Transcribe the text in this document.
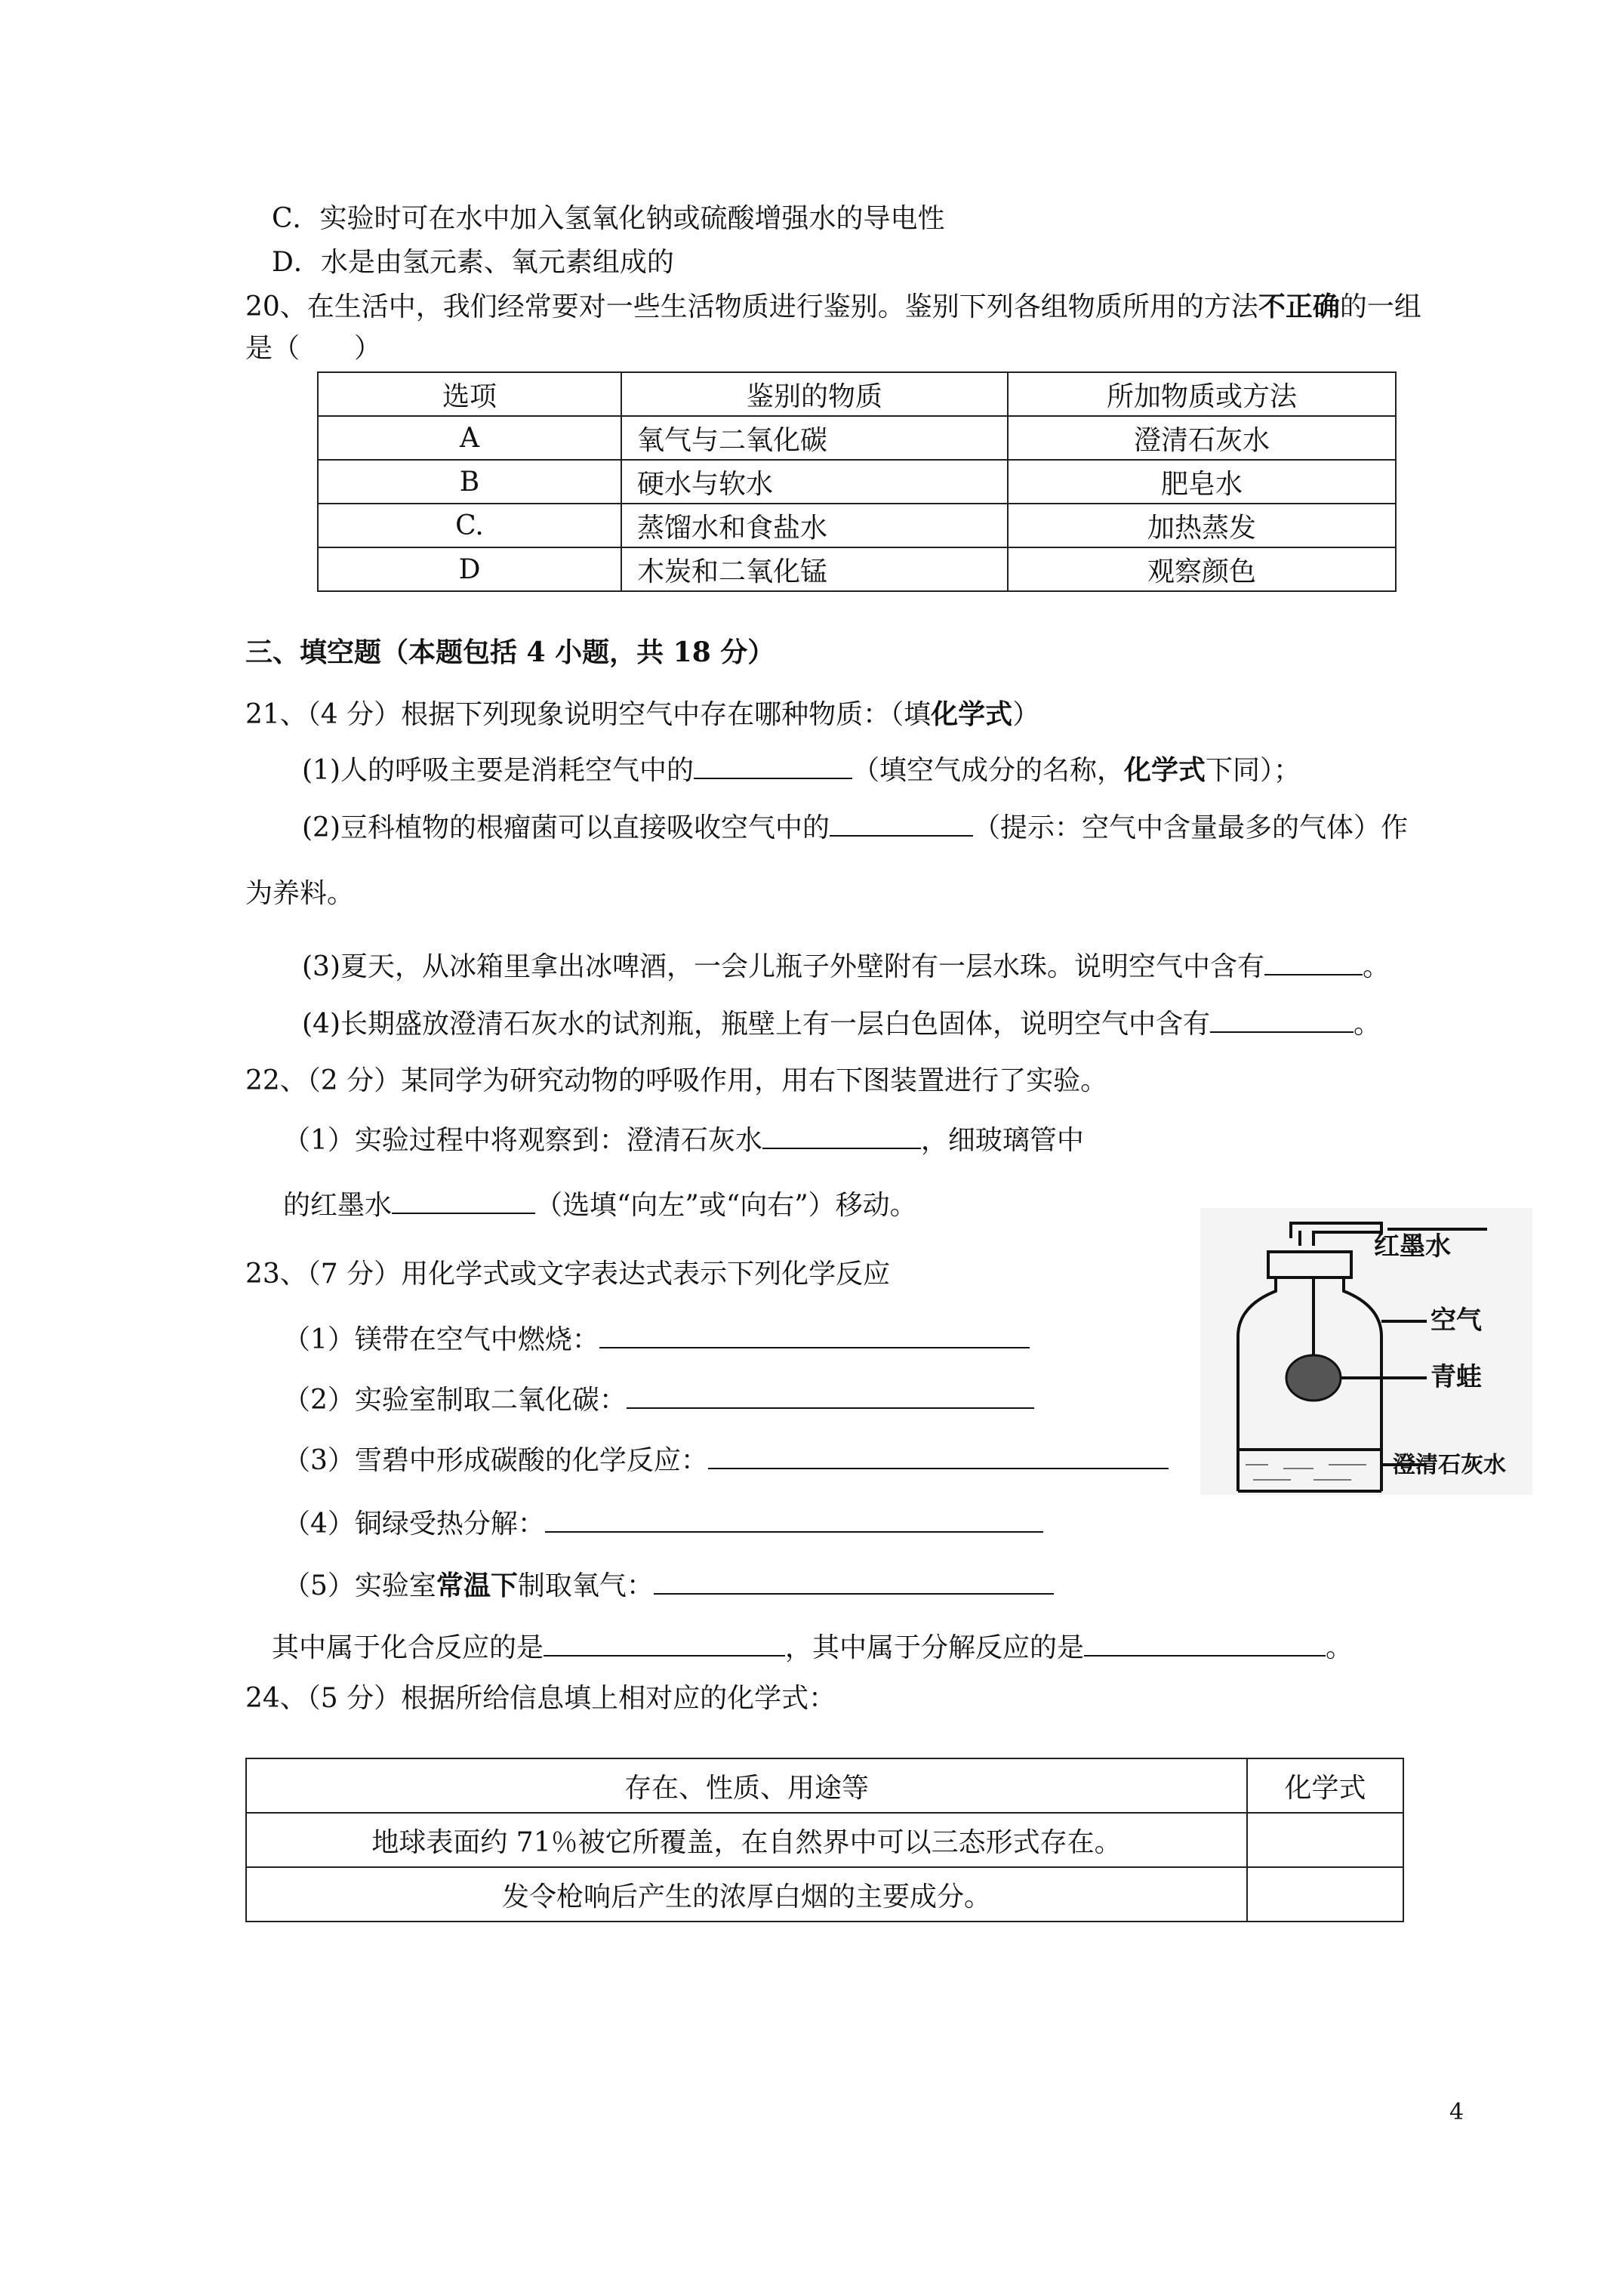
C．实验时可在水中加入氢氧化钠或硫酸增强水的导电性
D．水是由氢元素、氧元素组成的
20、在生活中，我们经常要对一些生活物质进行鉴别。鉴别下列各组物质所用的方法不正确的一组
是（　　）
选项	鉴别的物质	所加物质或方法
A	氧气与二氧化碳	澄清石灰水
B	硬水与软水	肥皂水
C.	蒸馏水和食盐水	加热蒸发
D	木炭和二氧化锰	观察颜色
三、填空题（本题包括 4 小题，共 18 分）
21、（4 分）根据下列现象说明空气中存在哪种物质：（填化学式）
(1)人的呼吸主要是消耗空气中的	（填空气成分的名称，化学式下同）；
(2)豆科植物的根瘤菌可以直接吸收空气中的	（提示：空气中含量最多的气体）作
为养料。
(3)夏天，从冰箱里拿出冰啤酒，一会儿瓶子外壁附有一层水珠。说明空气中含有	。
(4)长期盛放澄清石灰水的试剂瓶，瓶壁上有一层白色固体，说明空气中含有	。
22、（2 分）某同学为研究动物的呼吸作用，用右下图装置进行了实验。
（1）实验过程中将观察到：澄清石灰水	，细玻璃管中
的红墨水	（选填“向左”或“向右”）移动。
23、（7 分）用化学式或文字表达式表示下列化学反应
（1）镁带在空气中燃烧：
（2）实验室制取二氧化碳：
（3）雪碧中形成碳酸的化学反应：
（4）铜绿受热分解：
（5）实验室常温下制取氧气：
其中属于化合反应的是	，其中属于分解反应的是	。
24、（5 分）根据所给信息填上相对应的化学式：
存在、性质、用途等	化学式
地球表面约 71％被它所覆盖，在自然界中可以三态形式存在。	
发令枪响后产生的浓厚白烟的主要成分。	
红墨水
空气
青蛙
澄清石灰水
4
